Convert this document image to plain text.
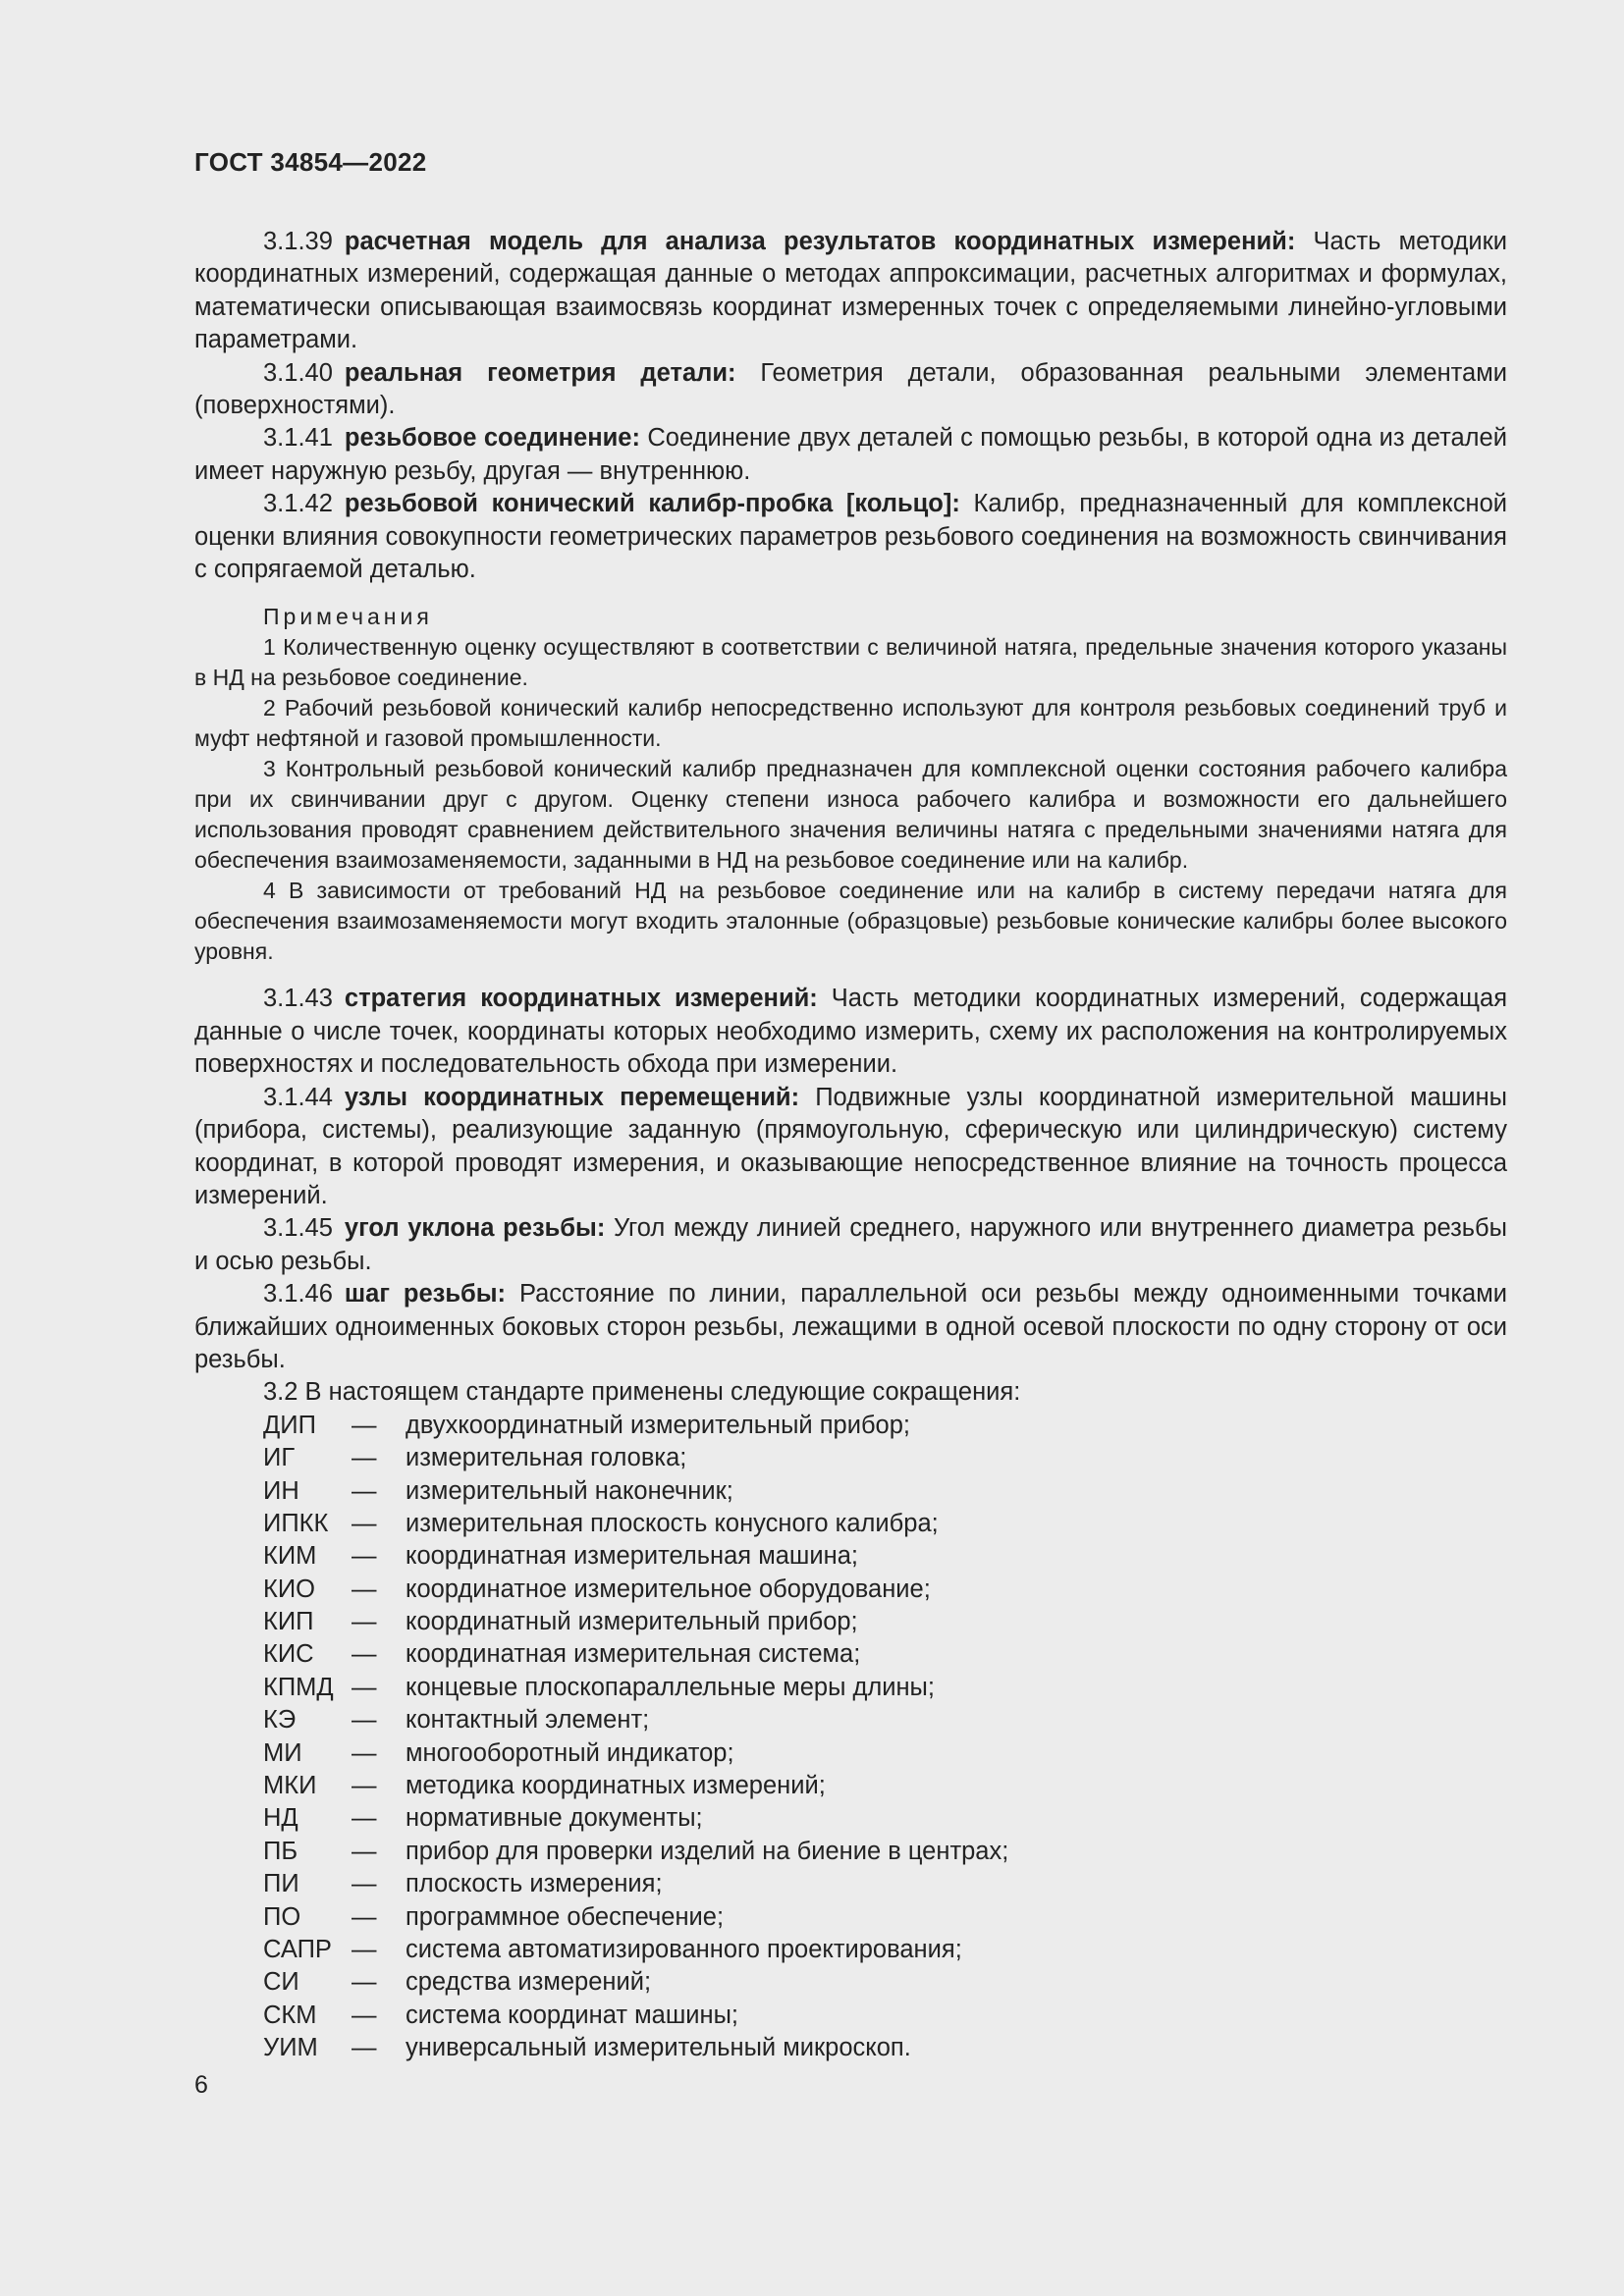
ГОСТ 34854—2022

3.1.39 расчетная модель для анализа результатов координатных измерений: Часть методики координатных измерений, содержащая данные о методах аппроксимации, расчетных алгоритмах и формулах, математически описывающая взаимосвязь координат измеренных точек с определяемыми линейно-угловыми параметрами.

3.1.40 реальная геометрия детали: Геометрия детали, образованная реальными элементами (поверхностями).

3.1.41 резьбовое соединение: Соединение двух деталей с помощью резьбы, в которой одна из деталей имеет наружную резьбу, другая — внутреннюю.

3.1.42 резьбовой конический калибр-пробка [кольцо]: Калибр, предназначенный для комплексной оценки влияния совокупности геометрических параметров резьбового соединения на возможность свинчивания с сопрягаемой деталью.

Примечания

1 Количественную оценку осуществляют в соответствии с величиной натяга, предельные значения которого указаны в НД на резьбовое соединение.

2 Рабочий резьбовой конический калибр непосредственно используют для контроля резьбовых соединений труб и муфт нефтяной и газовой промышленности.

3 Контрольный резьбовой конический калибр предназначен для комплексной оценки состояния рабочего калибра при их свинчивании друг с другом. Оценку степени износа рабочего калибра и возможности его дальнейшего использования проводят сравнением действительного значения величины натяга с предельными значениями натяга для обеспечения взаимозаменяемости, заданными в НД на резьбовое соединение или на калибр.

4 В зависимости от требований НД на резьбовое соединение или на калибр в систему передачи натяга для обеспечения взаимозаменяемости могут входить эталонные (образцовые) резьбовые конические калибры более высокого уровня.

3.1.43 стратегия координатных измерений: Часть методики координатных измерений, содержащая данные о числе точек, координаты которых необходимо измерить, схему их расположения на контролируемых поверхностях и последовательность обхода при измерении.

3.1.44 узлы координатных перемещений: Подвижные узлы координатной измерительной машины (прибора, системы), реализующие заданную (прямоугольную, сферическую или цилиндрическую) систему координат, в которой проводят измерения, и оказывающие непосредственное влияние на точность процесса измерений.

3.1.45 угол уклона резьбы: Угол между линией среднего, наружного или внутреннего диаметра резьбы и осью резьбы.

3.1.46 шаг резьбы: Расстояние по линии, параллельной оси резьбы между одноименными точками ближайших одноименных боковых сторон резьбы, лежащими в одной осевой плоскости по одну сторону от оси резьбы.

3.2 В настоящем стандарте применены следующие сокращения:

ДИП	—	двухкоординатный измерительный прибор;
ИГ	—	измерительная головка;
ИН	—	измерительный наконечник;
ИПКК —	измерительная плоскость конусного калибра;
КИМ	—	координатная измерительная машина;
КИО	—	координатное измерительное оборудование;
КИП	—	координатный измерительный прибор;
КИС	—	координатная измерительная система;
КПМД —	концевые плоскопараллельные меры длины;
КЭ	—	контактный элемент;
МИ	—	многооборотный индикатор;
МКИ	—	методика координатных измерений;
НД	—	нормативные документы;
ПБ	—	прибор для проверки изделий на биение в центрах;
ПИ	—	плоскость измерения;
ПО	—	программное обеспечение;
САПР —	система автоматизированного проектирования;
СИ	—	средства измерений;
СКМ	—	система координат машины;
УИМ	—	универсальный измерительный микроскоп.
6
